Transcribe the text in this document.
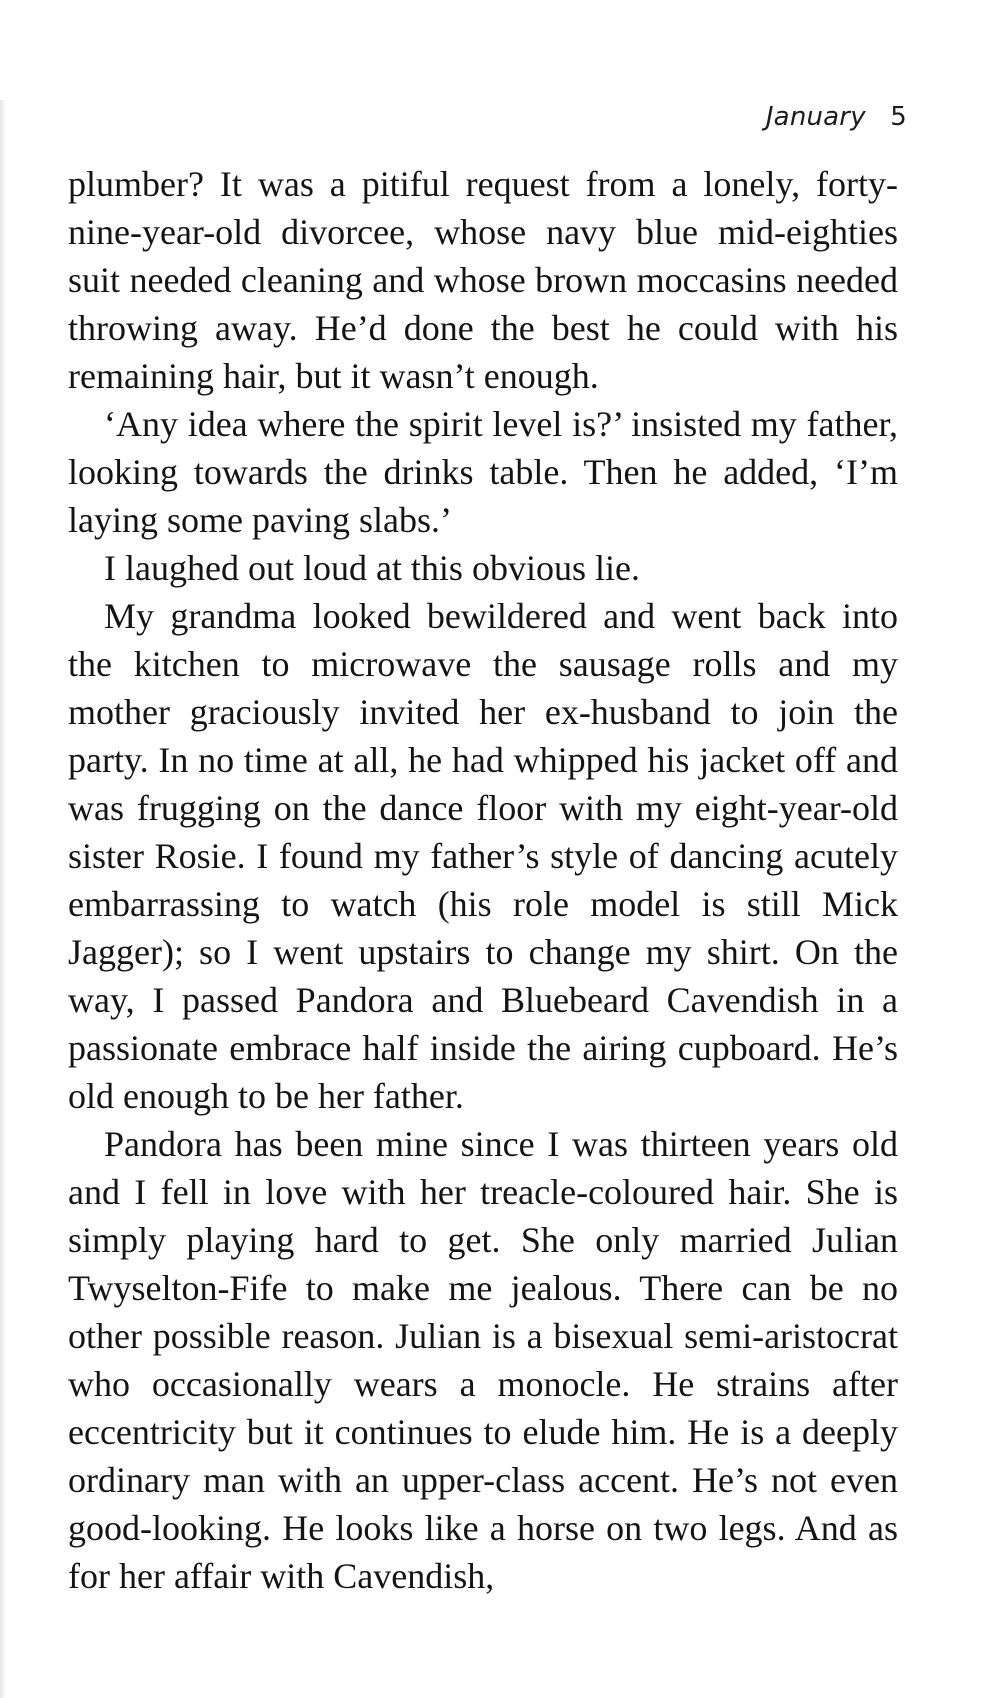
January 5

plumber? It was a pitiful request from a lonely, forty-nine-year-old divorcee, whose navy blue mid-eighties suit needed cleaning and whose brown moccasins needed throwing away. He’d done the best he could with his remaining hair, but it wasn’t enough.

‘Any idea where the spirit level is?’ insisted my father, looking towards the drinks table. Then he added, ‘I’m laying some paving slabs.’

I laughed out loud at this obvious lie.

My grandma looked bewildered and went back into the kitchen to microwave the sausage rolls and my mother graciously invited her ex-husband to join the party. In no time at all, he had whipped his jacket off and was frugging on the dance floor with my eight-year-old sister Rosie. I found my father’s style of dancing acutely embarrassing to watch (his role model is still Mick Jagger); so I went upstairs to change my shirt. On the way, I passed Pandora and Bluebeard Cavendish in a passionate embrace half inside the airing cupboard. He’s old enough to be her father.

Pandora has been mine since I was thirteen years old and I fell in love with her treacle-coloured hair. She is simply playing hard to get. She only married Julian Twyselton-Fife to make me jealous. There can be no other possible reason. Julian is a bisexual semi-aristocrat who occasionally wears a monocle. He strains after eccentricity but it continues to elude him. He is a deeply ordinary man with an upper-class accent. He’s not even good-looking. He looks like a horse on two legs. And as for her affair with Cavendish,
